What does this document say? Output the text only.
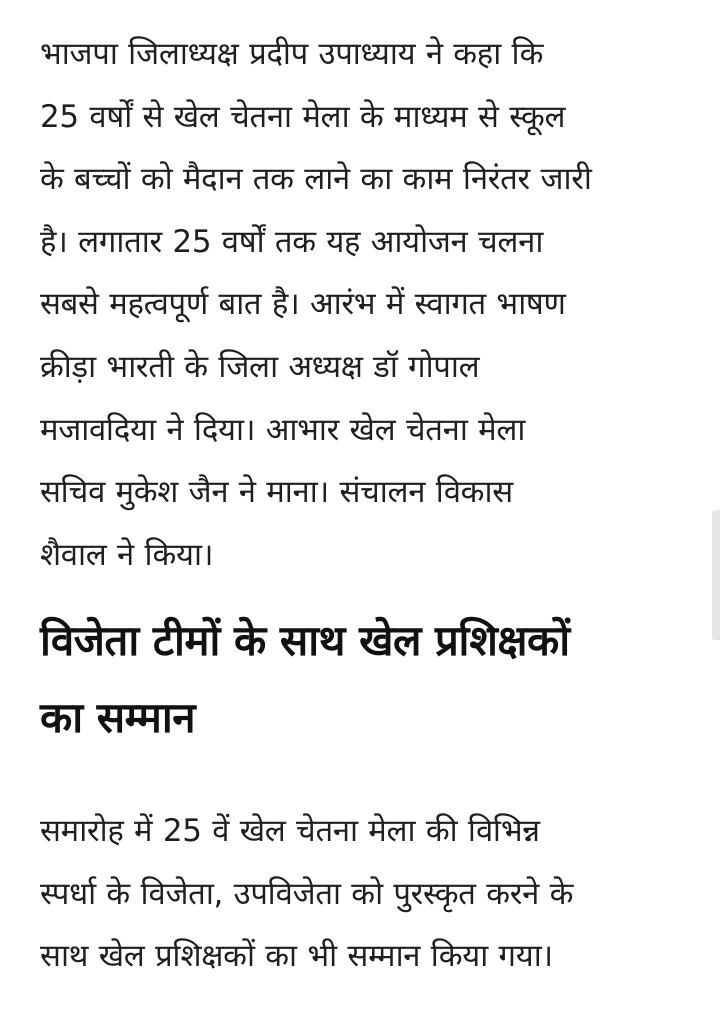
भाजपा जिलाध्यक्ष प्रदीप उपाध्याय ने कहा कि
25 वर्षों से खेल चेतना मेला के माध्यम से स्कूल
के बच्चों को मैदान तक लाने का काम निरंतर जारी
है। लगातार 25 वर्षों तक यह आयोजन चलना
सबसे महत्वपूर्ण बात है। आरंभ में स्वागत भाषण
क्रीड़ा भारती के जिला अध्यक्ष डॉ गोपाल
मजावदिया ने दिया। आभार खेल चेतना मेला
सचिव मुकेश जैन ने माना। संचालन विकास
शैवाल ने किया।

विजेता टीमों के साथ खेल प्रशिक्षकों
का सम्मान

समारोह में 25 वें खेल चेतना मेला की विभिन्न
स्पर्धा के विजेता, उपविजेता को पुरस्कृत करने के
साथ खेल प्रशिक्षकों का भी सम्मान किया गया।
